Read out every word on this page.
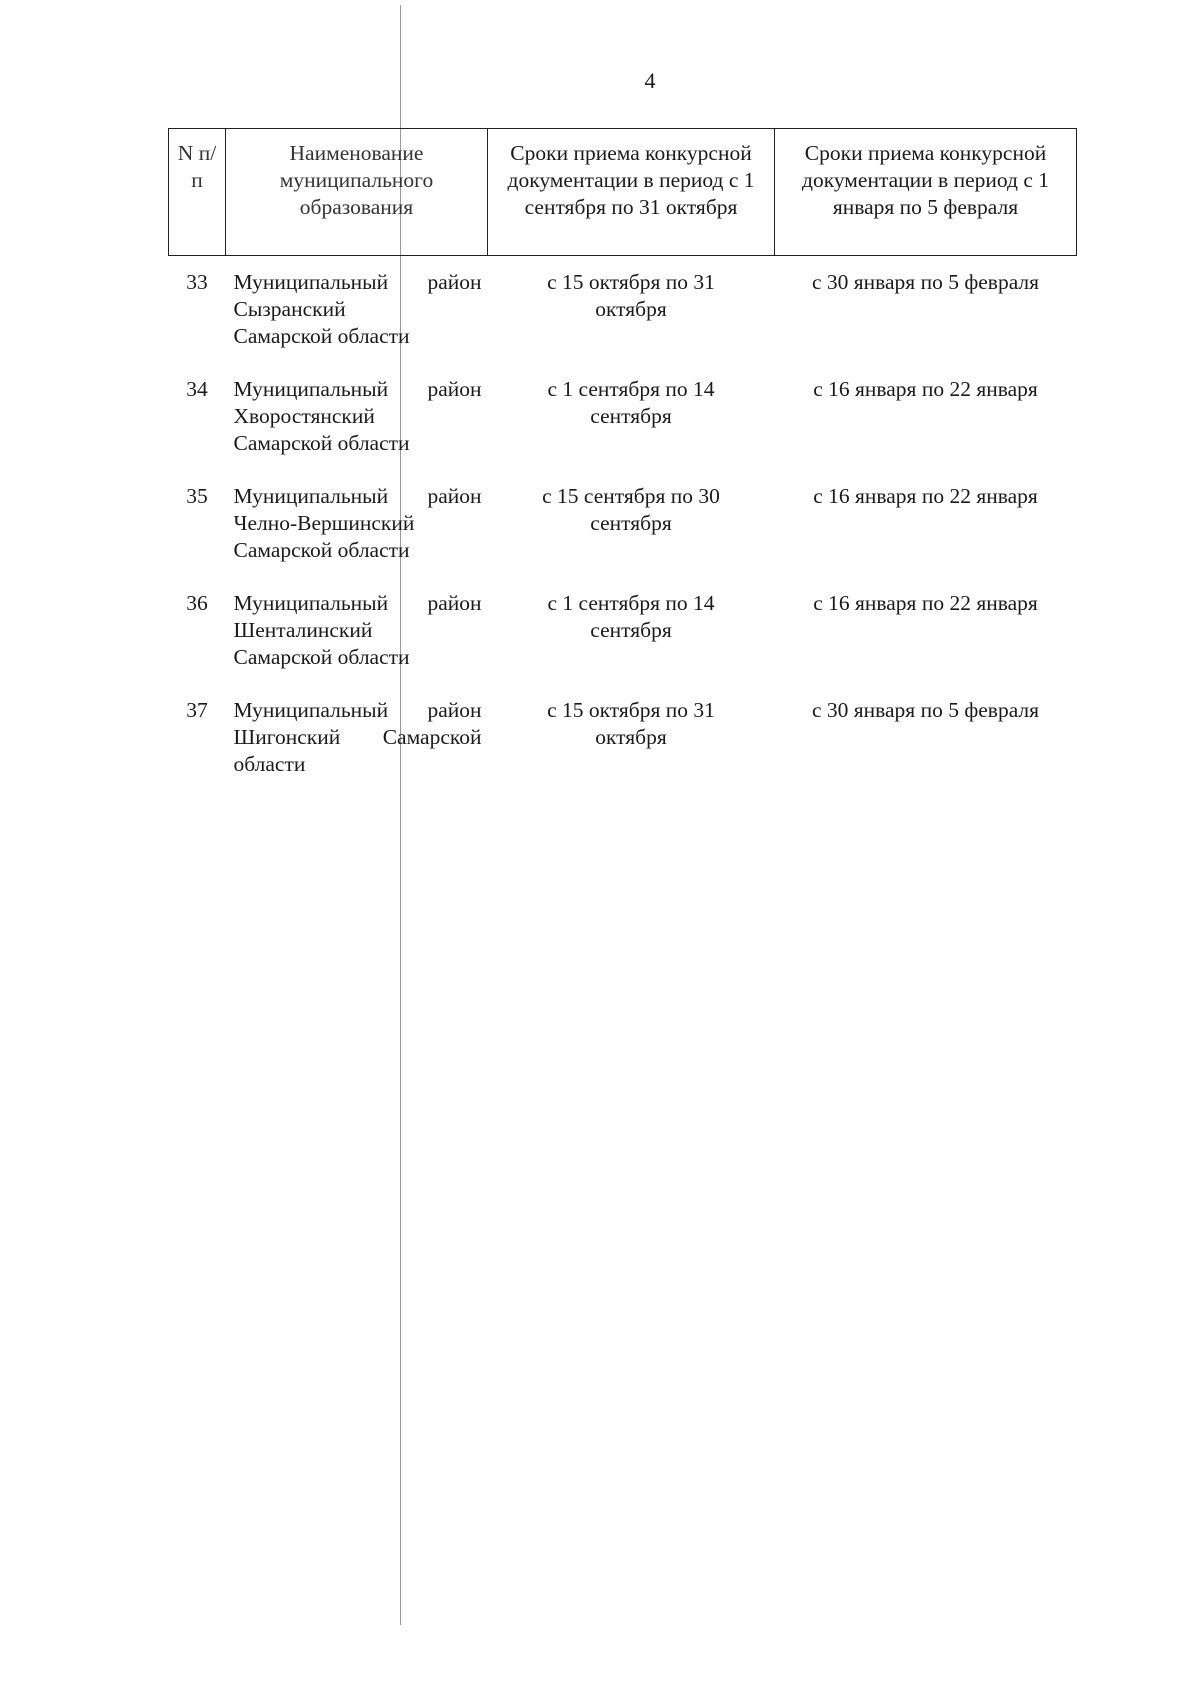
4
N п/п	Наименование муниципального образования	Сроки приема конкурсной документации в период с 1 сентября по 31 октября	Сроки приема конкурсной документации в период с 1 января по 5 февраля
33	Муниципальный район
Сызранский
Самарской области	с 15 октября по 31 октября	с 30 января по 5 февраля
34	Муниципальный район
Хворостянский
Самарской области	с 1 сентября по 14 сентября	с 16 января по 22 января
35	Муниципальный район
Челно-Вершинский
Самарской области	с 15 сентября по 30 сентября	с 16 января по 22 января
36	Муниципальный район
Шенталинский
Самарской области	с 1 сентября по 14 сентября	с 16 января по 22 января
37	Муниципальный район
Шигонский Самарской
области	с 15 октября по 31 октября	с 30 января по 5 февраля
